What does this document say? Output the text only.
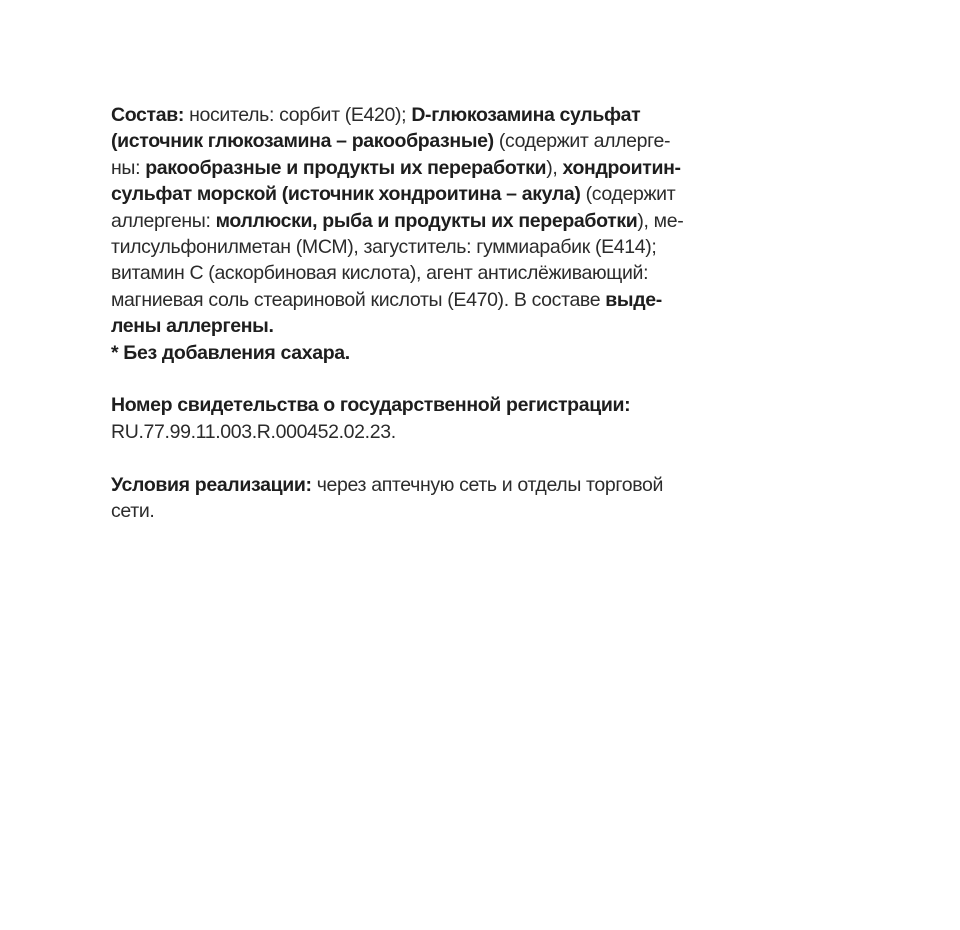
Состав: носитель: сорбит (Е420); D-глюкозамина сульфат
(источник глюкозамина – ракообразные) (содержит аллерге-
ны: ракообразные и продукты их переработки), хондроитин-
сульфат морской (источник хондроитина – акула) (содержит
аллергены: моллюски, рыба и продукты их переработки), ме-
тилсульфонилметан (МСМ), загуститель: гуммиарабик (Е414);
витамин С (аскорбиновая кислота), агент антислёживающий:
магниевая соль стеариновой кислоты (Е470). В составе выде-
лены аллергены.
* Без добавления сахара.
Номер свидетельства о государственной регистрации:
RU.77.99.11.003.R.000452.02.23.
Условия реализации: через аптечную сеть и отделы торговой
сети.
